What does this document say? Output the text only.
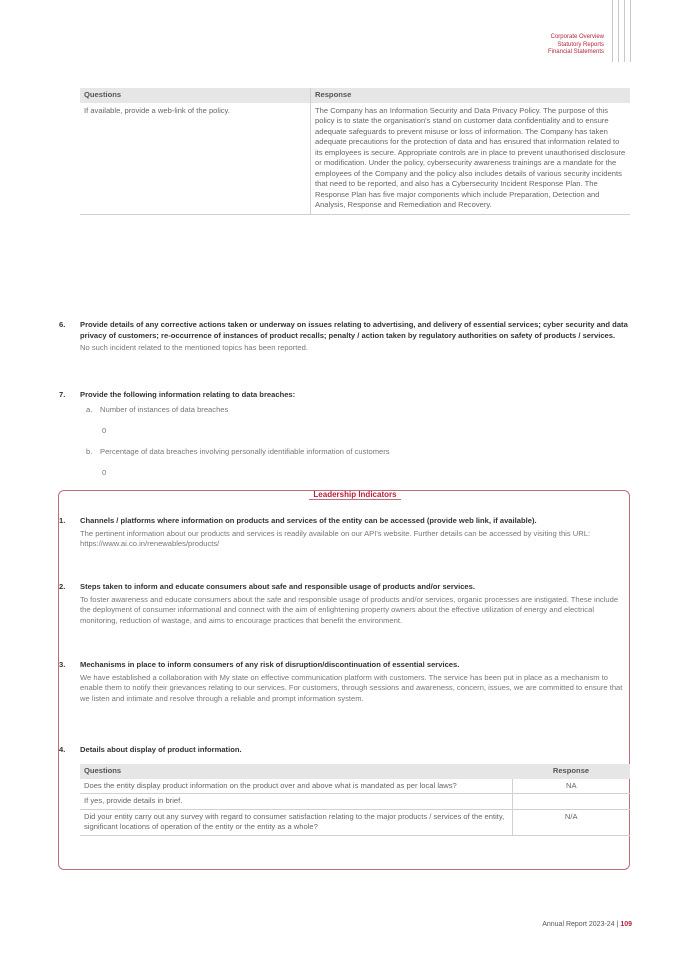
Corporate Overview
Statutory Reports
Financial Statements
Questions	Response
If available, provide a web-link of the policy.	The Company has an Information Security and Data Privacy Policy. The purpose of this policy is to state the organisation's stand on customer data confidentiality and to ensure adequate safeguards to prevent misuse or loss of information. The Company has taken adequate precautions for the protection of data and has ensured that information related to its employees is secure. Appropriate controls are in place to prevent unauthorised disclosure or modification. Under the policy, cybersecurity awareness trainings are a mandate for the employees of the Company and the policy also includes details of various security incidents that need to be reported, and also has a Cybersecurity Incident Response Plan. The Response Plan has five major components which include Preparation, Detection and Analysis, Response and Remediation and Recovery.
6. Provide details of any corrective actions taken or underway on issues relating to advertising, and delivery of essential services; cyber security and data privacy of customers; re-occurrence of instances of product recalls; penalty / action taken by regulatory authorities on safety of products / services.
No such incident related to the mentioned topics has been reported.
7. Provide the following information relating to data breaches:
a. Number of instances of data breaches
0
b. Percentage of data breaches involving personally identifiable information of customers
0
Leadership Indicators
1. Channels / platforms where information on products and services of the entity can be accessed (provide web link, if available).
The pertinent information about our products and services is readily available on our API's website. Further details can be accessed by visiting this URL: https://www.ai.co.in/renewables/products/
2. Steps taken to inform and educate consumers about safe and responsible usage of products and/or services.
To foster awareness and educate consumers about the safe and responsible usage of products and/or services, organic processes are instigated. These include the deployment of consumer informational and connect with the aim of enlightening property owners about the effective utilization of energy and electrical monitoring, reduction of wastage, and aims to encourage practices that benefit the environment.
3. Mechanisms in place to inform consumers of any risk of disruption/discontinuation of essential services.
We have established a collaboration with My state on effective communication platform with customers. The service has been put in place as a mechanism to enable them to notify their grievances relating to our services. For customers, through sessions and awareness, concern, issues, we are committed to ensure that we listen and intimate and resolve through a reliable and prompt information system.
4. Details about display of product information.
Questions	Response
Does the entity display product information on the product over and above what is mandated as per local laws?	NA
If yes, provide details in brief.	
Did your entity carry out any survey with regard to consumer satisfaction relating to the major products / services of the entity, significant locations of operation of the entity or the entity as a whole?	N/A
Annual Report 2023-24 | 109
